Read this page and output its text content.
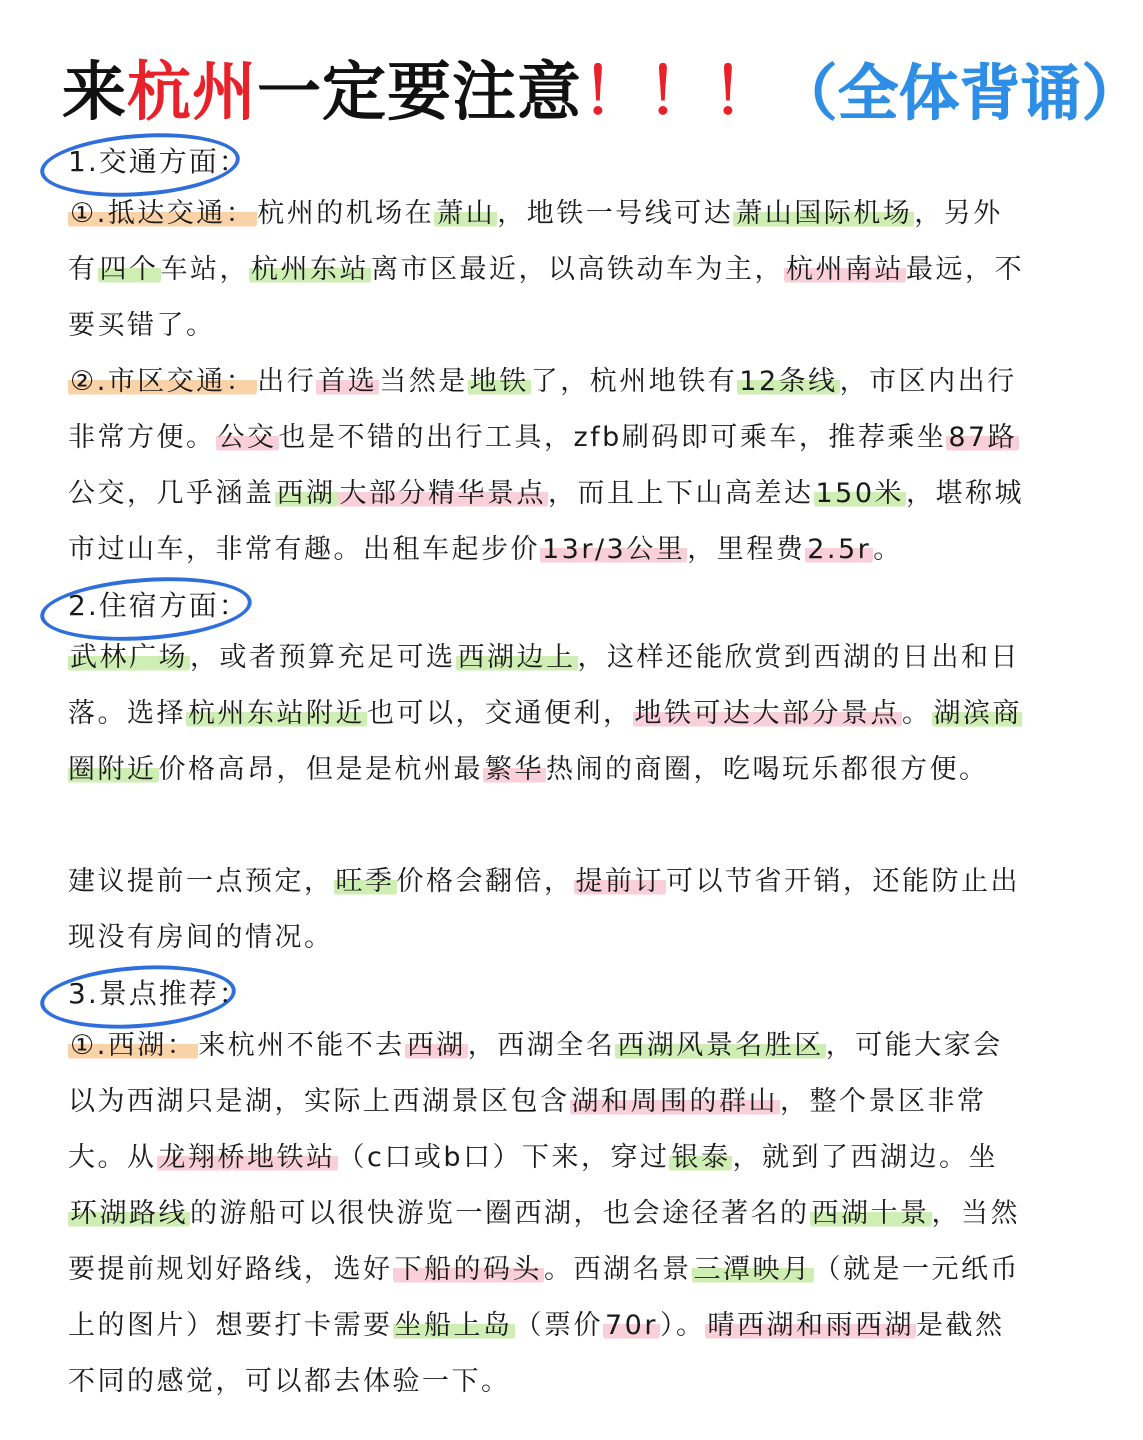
来杭州一定要注意！！！（全体背诵）
1.交通方面：

①.抵达交通：杭州的机场在萧山，地铁一号线可达萧山国际机场，另外有四个车站，杭州东站离市区最近，以高铁动车为主，杭州南站最远，不要买错了。

②.市区交通：出行首选当然是地铁了，杭州地铁有12条线，市区内出行非常方便。公交也是不错的出行工具，zfb刷码即可乘车，推荐乘坐87路公交，几乎涵盖西湖 大部分精华景点，而且上下山高差达150米，堪称城市过山车，非常有趣。出租车起步价13r/3公里，里程费2.5r。

2.住宿方面：

武林广场，或者预算充足可选西湖边上，这样还能欣赏到西湖的日出和日落。选择杭州东站附近也可以，交通便利，地铁可达大部分景点。湖滨商圈附近价格高昂，但是是杭州最繁华热闹的商圈，吃喝玩乐都很方便。

建议提前一点预定，旺季价格会翻倍，提前订可以节省开销，还能防止出现没有房间的情况。

3.景点推荐：

①.西湖：来杭州不能不去西湖，西湖全名西湖风景名胜区，可能大家会以为西湖只是湖，实际上西湖景区包含湖和周围的群山，整个景区非常大。从龙翔桥地铁站（c口或b口）下来，穿过银泰，就到了西湖边。坐环湖路线的游船可以很快游览一圈西湖，也会途径著名的西湖十景，当然要提前规划好路线，选好下船的码头。西湖名景三潭映月（就是一元纸币上的图片）想要打卡需要坐船上岛（票价70r）。晴西湖和雨西湖是截然不同的感觉，可以都去体验一下。
